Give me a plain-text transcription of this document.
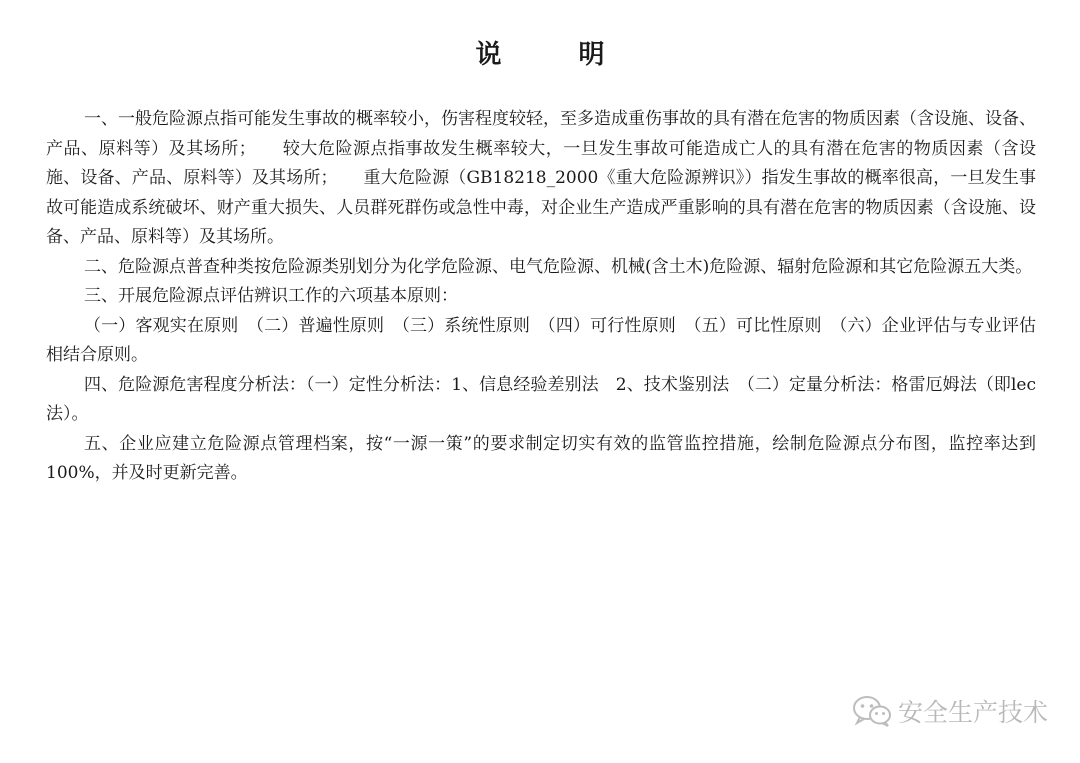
说 明

一、一般危险源点指可能发生事故的概率较小，伤害程度较轻，至多造成重伤事故的具有潜在危害的物质因素（含设施、设备、产品、原料等）及其场所；　　较大危险源点指事故发生概率较大，一旦发生事故可能造成亡人的具有潜在危害的物质因素（含设施、设备、产品、原料等）及其场所；　　重大危险源（GB18218_2000《重大危险源辨识》）指发生事故的概率很高，一旦发生事故可能造成系统破坏、财产重大损失、人员群死群伤或急性中毒，对企业生产造成严重影响的具有潜在危害的物质因素（含设施、设备、产品、原料等）及其场所。

二、危险源点普查种类按危险源类别划分为化学危险源、电气危险源、机械(含土木)危险源、辐射危险源和其它危险源五大类。

三、开展危险源点评估辨识工作的六项基本原则：

（一）客观实在原则　（二）普遍性原则　（三）系统性原则　（四）可行性原则　（五）可比性原则　（六）企业评估与专业评估相结合原则。

四、危险源危害程度分析法：（一）定性分析法：1、信息经验差别法　2、技术鉴别法　（二）定量分析法：格雷厄姆法（即lec法）。

五、企业应建立危险源点管理档案，按“一源一策”的要求制定切实有效的监管监控措施，绘制危险源点分布图，监控率达到100%，并及时更新完善。

安全生产技术
